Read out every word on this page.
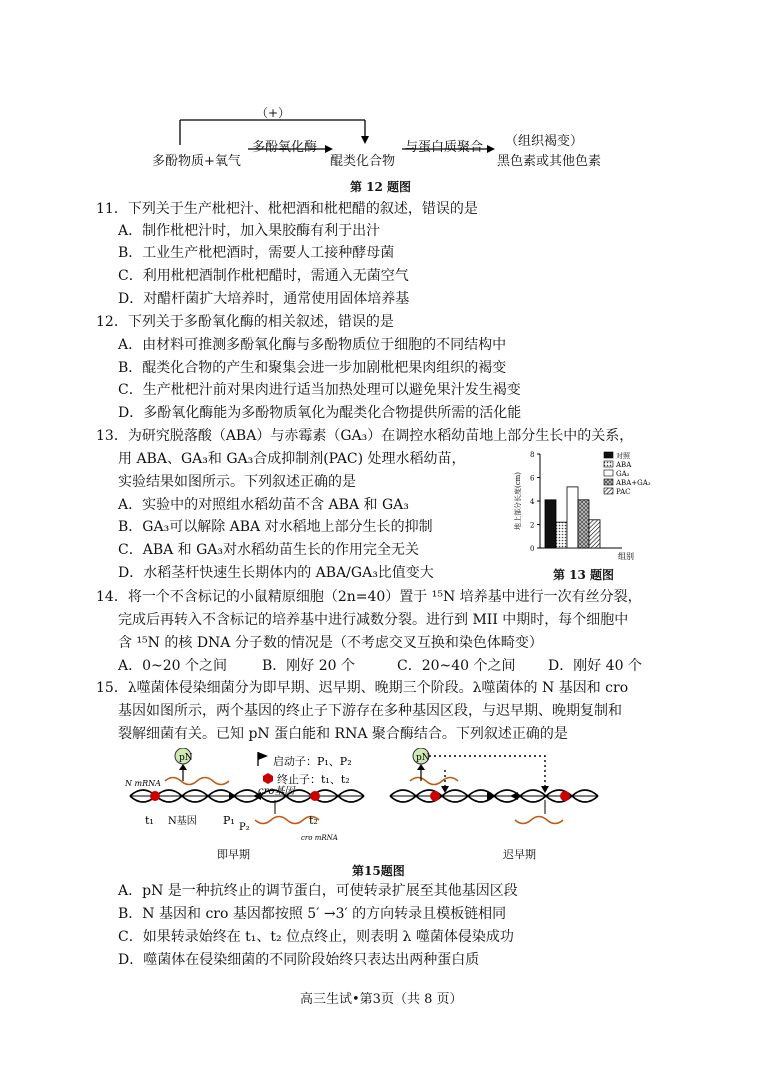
（+）
多酚物质+氧气
多酚氧化酶
醌类化合物
与蛋白质聚合 （组织褐变）
黑色素或其他色素
第 12 题图
11．下列关于生产枇杷汁、枇杷酒和枇杷醋的叙述，错误的是
A．制作枇杷汁时，加入果胶酶有利于出汁
B．工业生产枇杷酒时，需要人工接种酵母菌
C．利用枇杷酒制作枇杷醋时，需通入无菌空气
D．对醋杆菌扩大培养时，通常使用固体培养基
12．下列关于多酚氧化酶的相关叙述，错误的是
A．由材料可推测多酚氧化酶与多酚物质位于细胞的不同结构中
B．醌类化合物的产生和聚集会进一步加剧枇杷果肉组织的褐变
C．生产枇杷汁前对果肉进行适当加热处理可以避免果汁发生褐变
D．多酚氧化酶能为多酚物质氧化为醌类化合物提供所需的活化能
13．为研究脱落酸（ABA）与赤霉素（GA₃）在调控水稻幼苗地上部分生长中的关系，
用 ABA、GA₃和 GA₃合成抑制剂(PAC) 处理水稻幼苗，
实验结果如图所示。下列叙述正确的是
A．实验中的对照组水稻幼苗不含 ABA 和 GA₃
B．GA₃可以解除 ABA 对水稻地上部分生长的抑制
C．ABA 和 GA₃对水稻幼苗生长的作用完全无关
D．水稻茎杆快速生长期体内的 ABA/GA₃比值变大
0
2
4
6
8
地上部分长度(cm)
组别
对照
ABA
GA₃
ABA+GA₃
PAC
第 13 题图
14．将一个不含标记的小鼠精原细胞（2n=40）置于 ¹⁵N 培养基中进行一次有丝分裂，
完成后再转入不含标记的培养基中进行减数分裂。进行到 MII 中期时，每个细胞中
含 ¹⁵N 的核 DNA 分子数的情况是（不考虑交叉互换和染色体畸变）
A．0~20 个之间 B．刚好 20 个	C．20~40 个之间 D．刚好 40 个
15．λ噬菌体侵染细菌分为即早期、迟早期、晚期三个阶段。λ噬菌体的 N 基因和 cro
基因如图所示，两个基因的终止子下游存在多种基因区段，与迟早期、晚期复制和
裂解细菌有关。已知 pN 蛋白能和 RNA 聚合酶结合。下列叙述正确的是
pN	pN
启动子：P₁、P₂
终止子：t₁、t₂
N mRNA
cro基因
t₁ N基因 P₁
P₂
t₂
cro mRNA
即早期	迟早期
第15题图
A．pN 是一种抗终止的调节蛋白，可使转录扩展至其他基因区段
B．N 基因和 cro 基因都按照 5′ →3′ 的方向转录且模板链相同
C．如果转录始终在 t₁、t₂ 位点终止，则表明 λ 噬菌体侵染成功
D．噬菌体在侵染细菌的不同阶段始终只表达出两种蛋白质
高三生试•第3页（共 8 页）
